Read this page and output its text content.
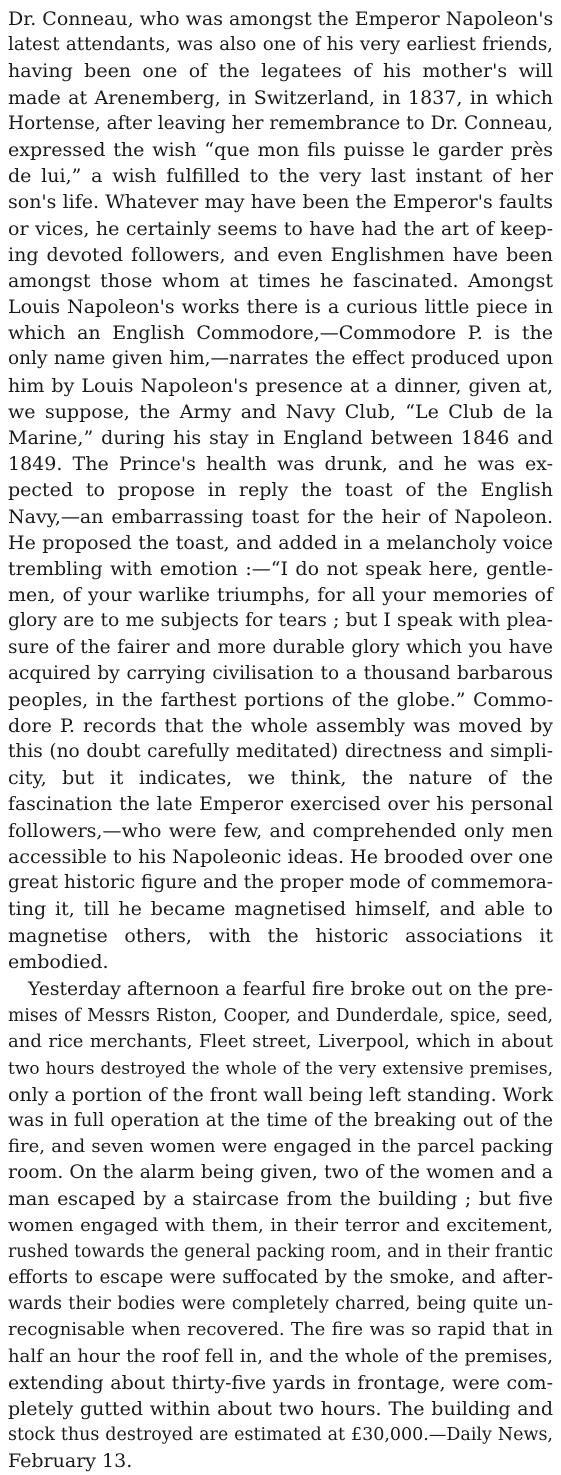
Dr. Conneau, who was amongst the Emperor Napoleon's
latest attendants, was also one of his very earliest friends,
having been one of the legatees of his mother's will
made at Arenemberg, in Switzerland, in 1837, in which
Hortense, after leaving her remembrance to Dr. Conneau,
expressed the wish “que mon fils puisse le garder près
de lui,” a wish fulfilled to the very last instant of her
son's life. Whatever may have been the Emperor's faults
or vices, he certainly seems to have had the art of keep-
ing devoted followers, and even Englishmen have been
amongst those whom at times he fascinated. Amongst
Louis Napoleon's works there is a curious little piece in
which an English Commodore,—Commodore P. is the
only name given him,—narrates the effect produced upon
him by Louis Napoleon's presence at a dinner, given at,
we suppose, the Army and Navy Club, “Le Club de la
Marine,” during his stay in England between 1846 and
1849. The Prince's health was drunk, and he was ex-
pected to propose in reply the toast of the English
Navy,—an embarrassing toast for the heir of Napoleon.
He proposed the toast, and added in a melancholy voice
trembling with emotion :—“I do not speak here, gentle-
men, of your warlike triumphs, for all your memories of
glory are to me subjects for tears ; but I speak with plea-
sure of the fairer and more durable glory which you have
acquired by carrying civilisation to a thousand barbarous
peoples, in the farthest portions of the globe.” Commo-
dore P. records that the whole assembly was moved by
this (no doubt carefully meditated) directness and simpli-
city, but it indicates, we think, the nature of the
fascination the late Emperor exercised over his personal
followers,—who were few, and comprehended only men
accessible to his Napoleonic ideas. He brooded over one
great historic figure and the proper mode of commemora-
ting it, till he became magnetised himself, and able to
magnetise others, with the historic associations it
embodied.
Yesterday afternoon a fearful fire broke out on the pre-
mises of Messrs Riston, Cooper, and Dunderdale, spice, seed,
and rice merchants, Fleet street, Liverpool, which in about
two hours destroyed the whole of the very extensive premises,
only a portion of the front wall being left standing. Work
was in full operation at the time of the breaking out of the
fire, and seven women were engaged in the parcel packing
room. On the alarm being given, two of the women and a
man escaped by a staircase from the building ; but five
women engaged with them, in their terror and excitement,
rushed towards the general packing room, and in their frantic
efforts to escape were suffocated by the smoke, and after-
wards their bodies were completely charred, being quite un-
recognisable when recovered. The fire was so rapid that in
half an hour the roof fell in, and the whole of the premises,
extending about thirty-five yards in frontage, were com-
pletely gutted within about two hours. The building and
stock thus destroyed are estimated at £30,000.—Daily News,
February 13.
